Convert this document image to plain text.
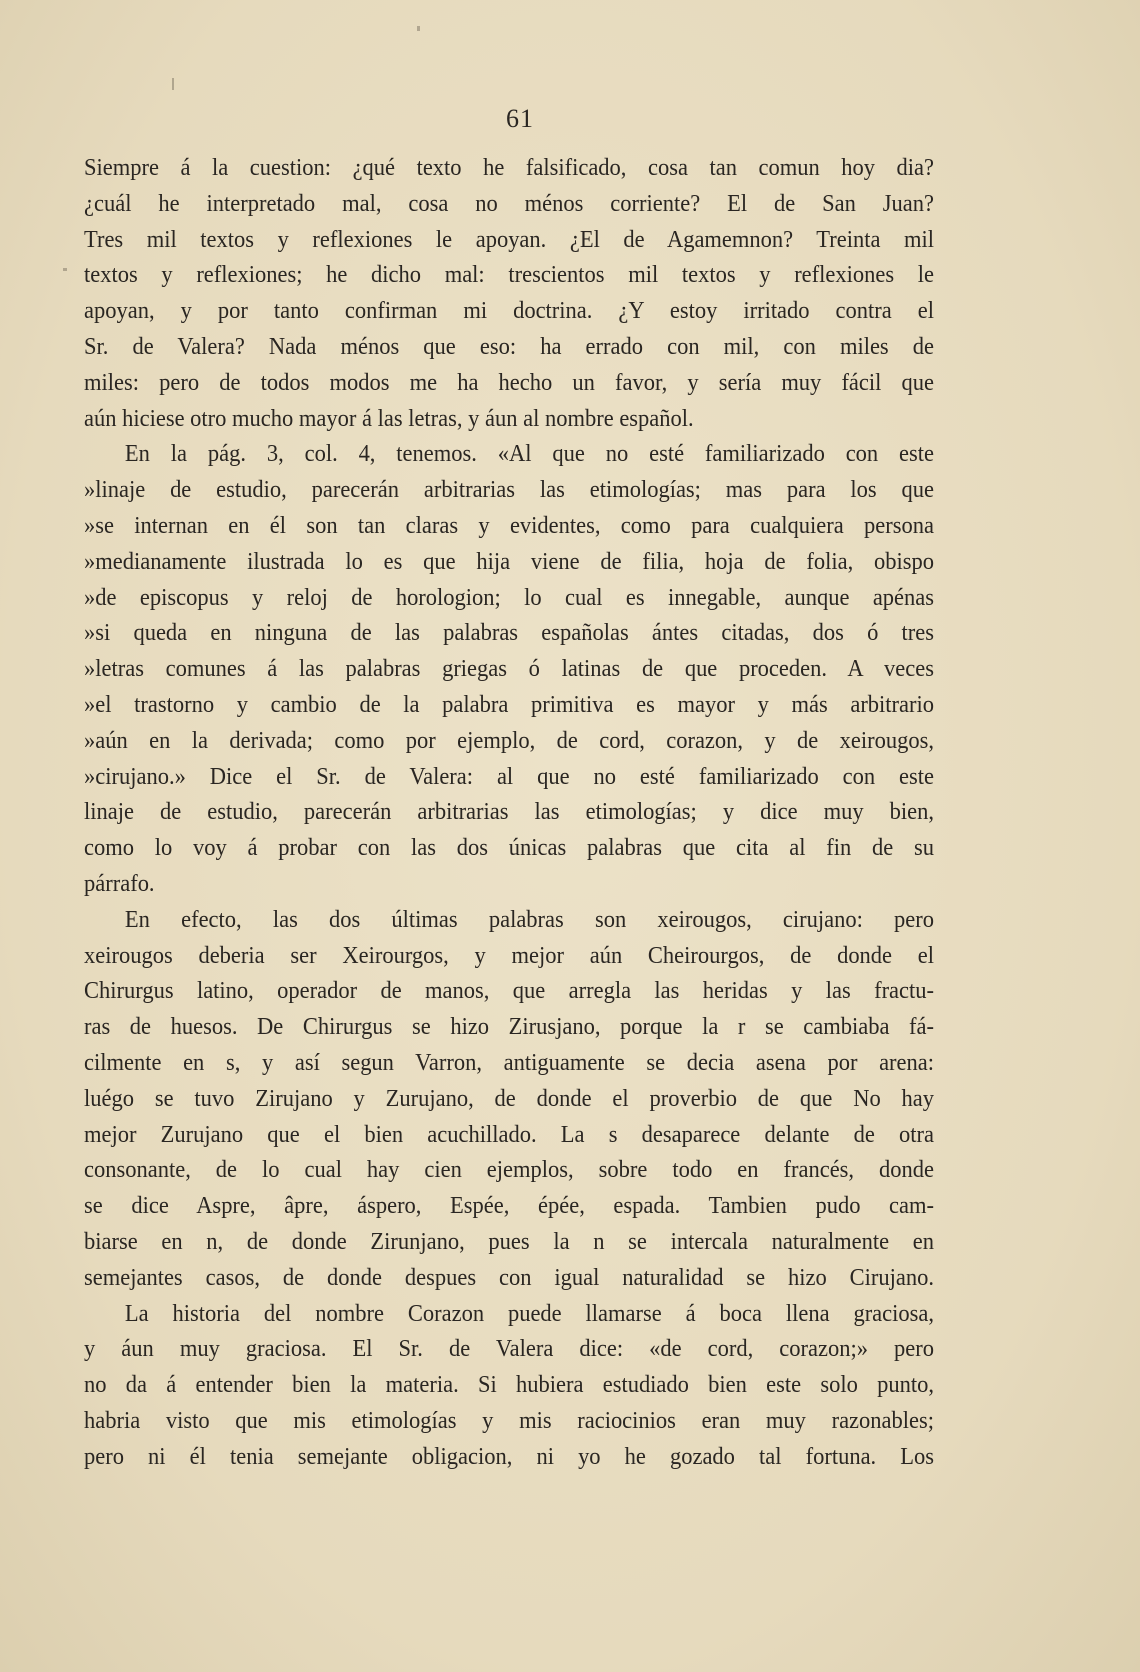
61
Siempre á la cuestion: ¿qué texto he falsificado, cosa tan comun hoy dia?
¿cuál he interpretado mal, cosa no ménos corriente? El de San Juan?
Tres mil textos y reflexiones le apoyan. ¿El de Agamemnon? Treinta mil
textos y reflexiones; he dicho mal: trescientos mil textos y reflexiones le
apoyan, y por tanto confirman mi doctrina. ¿Y estoy irritado contra el
Sr. de Valera? Nada ménos que eso: ha errado con mil, con miles de
miles: pero de todos modos me ha hecho un favor, y sería muy fácil que
aún hiciese otro mucho mayor á las letras, y áun al nombre español.
En la pág. 3, col. 4, tenemos. «Al que no esté familiarizado con este
»linaje de estudio, parecerán arbitrarias las etimologías; mas para los que
»se internan en él son tan claras y evidentes, como para cualquiera persona
»medianamente ilustrada lo es que hija viene de filia, hoja de folia, obispo
»de episcopus y reloj de horologion; lo cual es innegable, aunque apénas
»si queda en ninguna de las palabras españolas ántes citadas, dos ó tres
»letras comunes á las palabras griegas ó latinas de que proceden. A veces
»el trastorno y cambio de la palabra primitiva es mayor y más arbitrario
»aún en la derivada; como por ejemplo, de cord, corazon, y de xeirougos,
»cirujano.» Dice el Sr. de Valera: al que no esté familiarizado con este
linaje de estudio, parecerán arbitrarias las etimologías; y dice muy bien,
como lo voy á probar con las dos únicas palabras que cita al fin de su
párrafo.
En efecto, las dos últimas palabras son xeirougos, cirujano: pero
xeirougos deberia ser Xeirourgos, y mejor aún Cheirourgos, de donde el
Chirurgus latino, operador de manos, que arregla las heridas y las fractu-
ras de huesos. De Chirurgus se hizo Zirusjano, porque la r se cambiaba fá-
cilmente en s, y así segun Varron, antiguamente se decia asena por arena:
luégo se tuvo Zirujano y Zurujano, de donde el proverbio de que No hay
mejor Zurujano que el bien acuchillado. La s desaparece delante de otra
consonante, de lo cual hay cien ejemplos, sobre todo en francés, donde
se dice Aspre, âpre, áspero, Espée, épée, espada. Tambien pudo cam-
biarse en n, de donde Zirunjano, pues la n se intercala naturalmente en
semejantes casos, de donde despues con igual naturalidad se hizo Cirujano.
La historia del nombre Corazon puede llamarse á boca llena graciosa,
y áun muy graciosa. El Sr. de Valera dice: «de cord, corazon;» pero
no da á entender bien la materia. Si hubiera estudiado bien este solo punto,
habria visto que mis etimologías y mis raciocinios eran muy razonables;
pero ni él tenia semejante obligacion, ni yo he gozado tal fortuna. Los
